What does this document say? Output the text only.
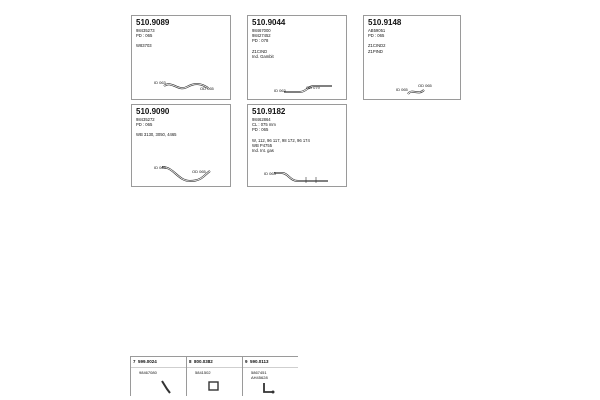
510.9089
98435273
PD : 065
W83703
ID 063
OD 065
510.9044
98467000
98427452
PD : 078
Z1CIND
Ind. Gambit
ID 063
OD 079
510.9148
AB59051
PD : 065
Z1CIND2
Z1PIND
ID 065
OD 065
510.9090
98435272
PD : 065
WB 3130, 3050, 4465
ID 063
OD 065
510.9182
98462864
CL : 075 mm
PD : 065
W, 112, 96 117, 98 172, 96 174
WB P4755
Ind. Int. gas
ID 063
7 599.0024
98467080
8 800.0382
5841502
9 590.0113
5867451
AH45628
